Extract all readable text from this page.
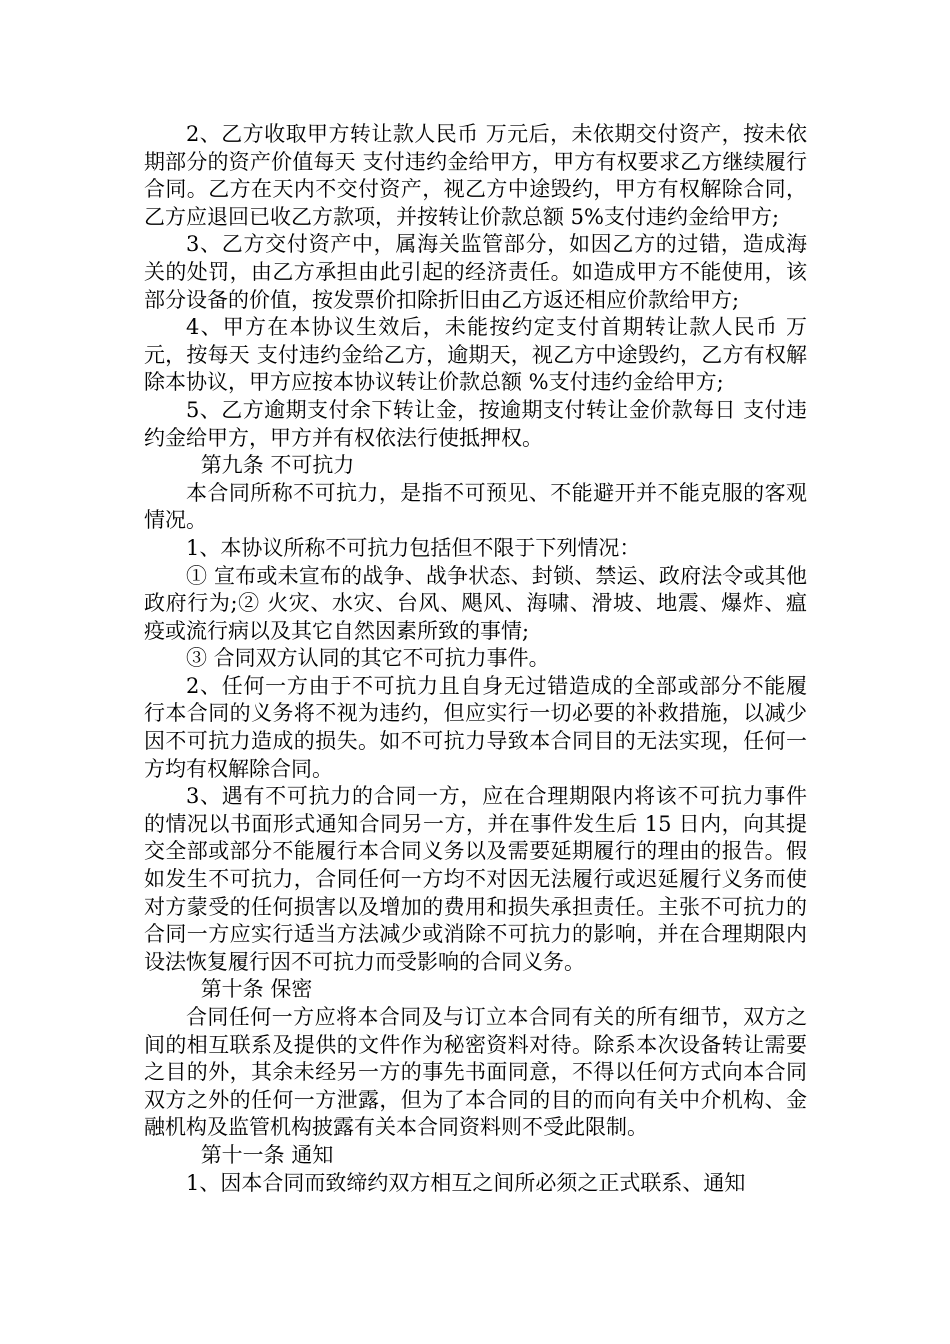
2、乙方收取甲方转让款人民币 万元后，未依期交付资产，按未依期部分的资产价值每天 支付违约金给甲方，甲方有权要求乙方继续履行合同。乙方在天内不交付资产，视乙方中途毁约，甲方有权解除合同，乙方应退回已收乙方款项，并按转让价款总额 5%支付违约金给甲方;

3、乙方交付资产中，属海关监管部分，如因乙方的过错，造成海关的处罚，由乙方承担由此引起的经济责任。如造成甲方不能使用，该部分设备的价值，按发票价扣除折旧由乙方返还相应价款给甲方;

4、甲方在本协议生效后，未能按约定支付首期转让款人民币 万元，按每天 支付违约金给乙方，逾期天，视乙方中途毁约，乙方有权解除本协议，甲方应按本协议转让价款总额 %支付违约金给甲方;

5、乙方逾期支付余下转让金，按逾期支付转让金价款每日 支付违约金给甲方，甲方并有权依法行使抵押权。

第九条 不可抗力

本合同所称不可抗力，是指不可预见、不能避开并不能克服的客观情况。

1、本协议所称不可抗力包括但不限于下列情况：

① 宣布或未宣布的战争、战争状态、封锁、禁运、政府法令或其他政府行为;② 火灾、水灾、台风、飓风、海啸、滑坡、地震、爆炸、瘟疫或流行病以及其它自然因素所致的事情;

③ 合同双方认同的其它不可抗力事件。

2、任何一方由于不可抗力且自身无过错造成的全部或部分不能履行本合同的义务将不视为违约，但应实行一切必要的补救措施，以减少因不可抗力造成的损失。如不可抗力导致本合同目的无法实现，任何一方均有权解除合同。

3、遇有不可抗力的合同一方，应在合理期限内将该不可抗力事件的情况以书面形式通知合同另一方，并在事件发生后 15 日内，向其提交全部或部分不能履行本合同义务以及需要延期履行的理由的报告。假如发生不可抗力，合同任何一方均不对因无法履行或迟延履行义务而使对方蒙受的任何损害以及增加的费用和损失承担责任。主张不可抗力的合同一方应实行适当方法减少或消除不可抗力的影响，并在合理期限内设法恢复履行因不可抗力而受影响的合同义务。

第十条 保密

合同任何一方应将本合同及与订立本合同有关的所有细节，双方之间的相互联系及提供的文件作为秘密资料对待。除系本次设备转让需要之目的外，其余未经另一方的事先书面同意，不得以任何方式向本合同双方之外的任何一方泄露，但为了本合同的目的而向有关中介机构、金融机构及监管机构披露有关本合同资料则不受此限制。

第十一条 通知

1、因本合同而致缔约双方相互之间所必须之正式联系、通知
